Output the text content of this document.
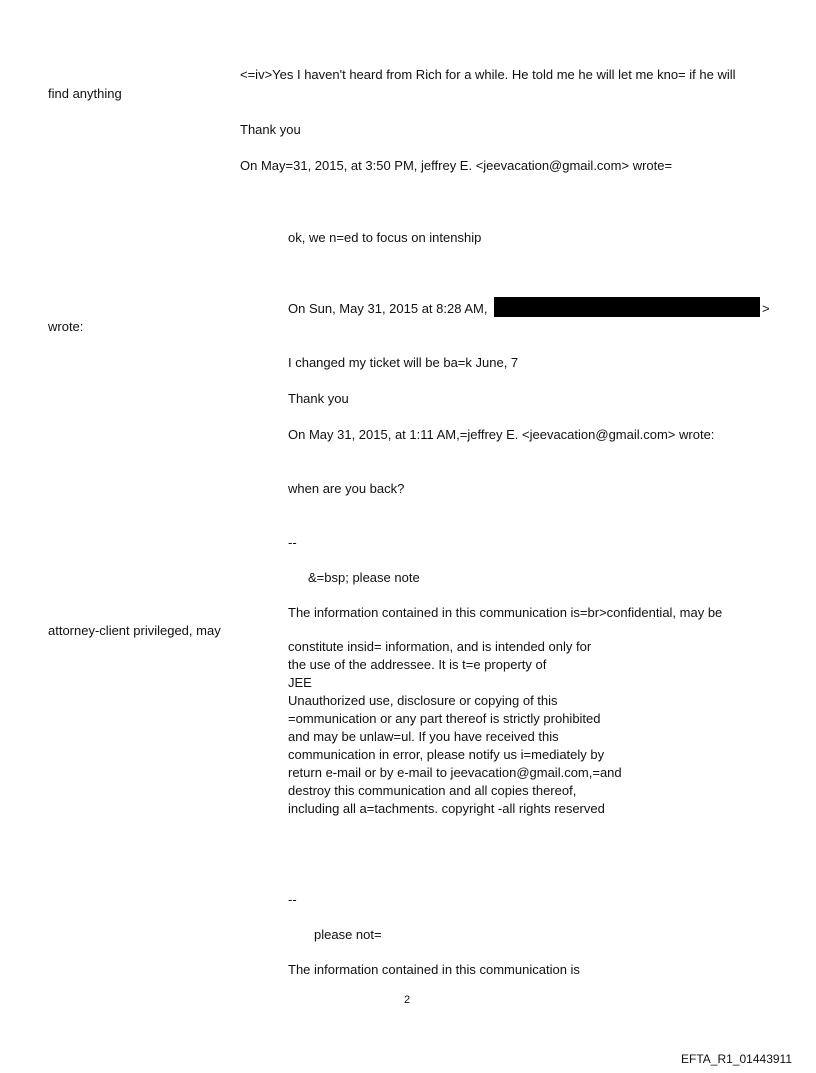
<=iv>Yes I haven't heard from Rich for a while. He told me he will let me kno= if he will
find anything
Thank you
On May=31, 2015, at 3:50 PM, jeffrey E. <jeevacation@gmail.com> wrote=
ok, we n=ed to focus on intenship
On Sun, May 31, 2015 at 8:28 AM,	>
wrote:
I changed my ticket will be ba=k June, 7
Thank you
On May 31, 2015, at 1:11 AM,=jeffrey E. <jeevacation@gmail.com> wrote:
when are you back?
--
&=bsp; please note
The information contained in this communication is=br>confidential, may be
attorney-client privileged, may
constitute insid= information, and is intended only for
the use of the addressee. It is t=e property of
JEE
Unauthorized use, disclosure or copying of this
=ommunication or any part thereof is strictly prohibited
and may be unlaw=ul. If you have received this
communication in error, please notify us i=mediately by
return e-mail or by e-mail to jeevacation@gmail.com,=and
destroy this communication and all copies thereof,
including all a=tachments. copyright -all rights reserved
--
please not=
The information contained in this communication is
2
EFTA_R1_01443911
